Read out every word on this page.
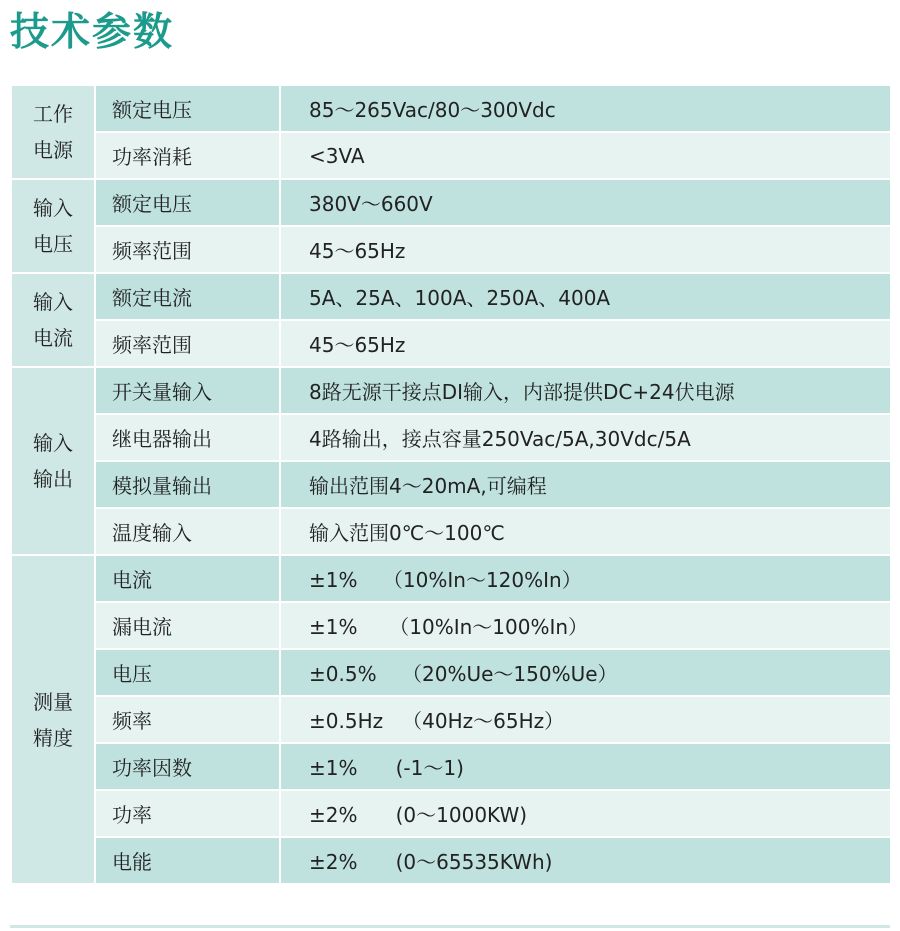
技术参数
工作
电源	额定电压	85～265Vac/80～300Vdc
	功率消耗	<3VA

输入
电压	额定电压	380V～660V
	频率范围	45～65Hz

输入
电流	额定电流	5A、25A、100A、250A、400A
	频率范围	45～65Hz

输入
输出	开关量输入	8路无源干接点DI输入，内部提供DC+24伏电源
	继电器输出	4路输出，接点容量250Vac/5A,30Vdc/5A
	模拟量输出	输出范围4～20mA,可编程
	温度输入	输入范围0℃～100℃

测量
精度	电流	±1%    （10%In～120%In）
	漏电流	±1%     （10%In～100%In）
	电压	±0.5%    （20%Ue～150%Ue）
	频率	±0.5Hz   （40Hz～65Hz）
	功率因数	±1%      (-1～1)
	功率	±2%      (0～1000KW)
	电能	±2%      (0～65535KWh)
